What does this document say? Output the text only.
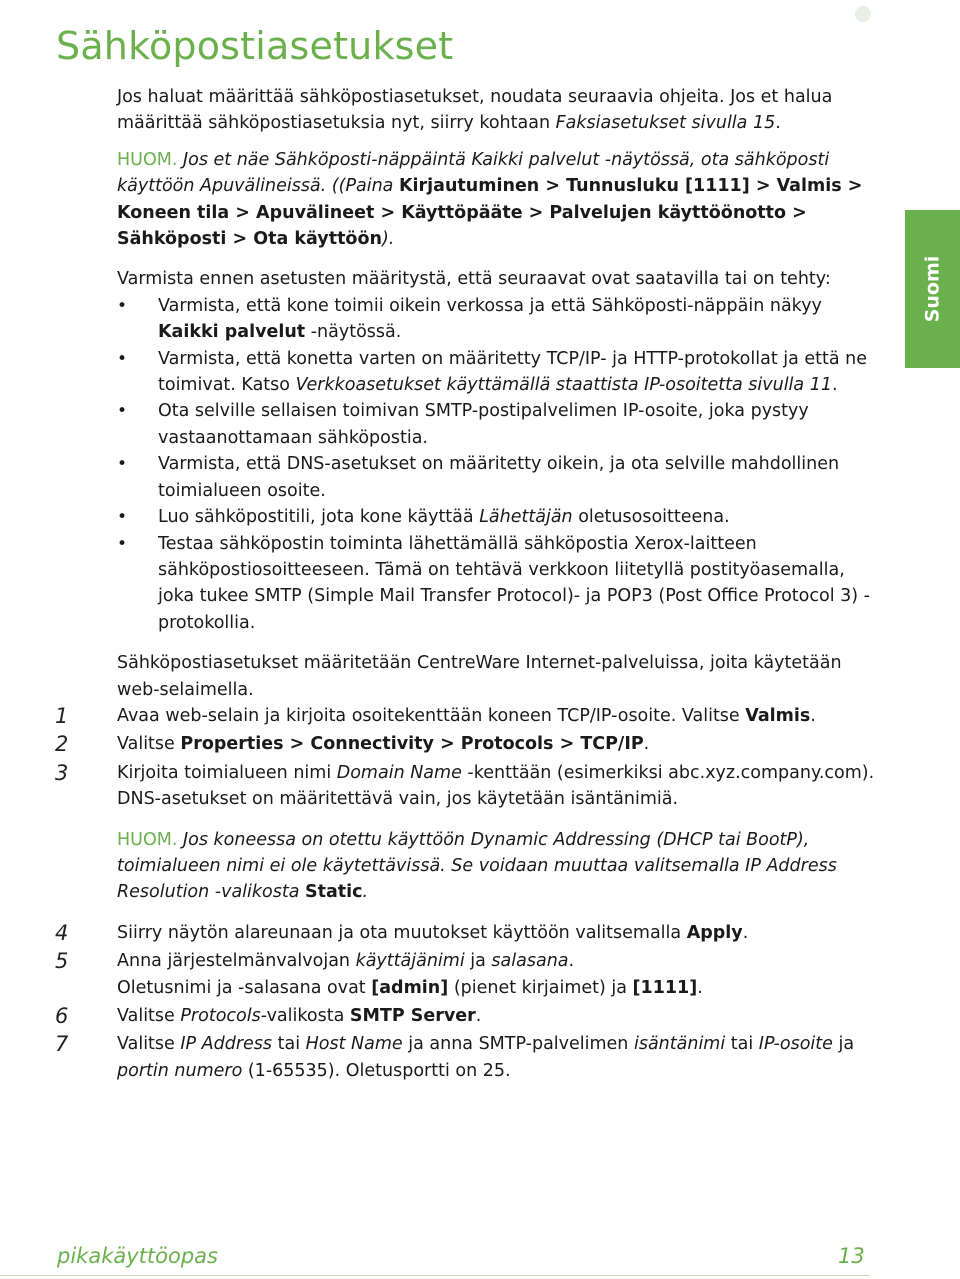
Sähköpostiasetukset
Suomi

Jos haluat määrittää sähköpostiasetukset, noudata seuraavia ohjeita. Jos et halua määrittää sähköpostiasetuksia nyt, siirry kohtaan Faksiasetukset sivulla 15.

HUOM. Jos et näe Sähköposti-näppäintä Kaikki palvelut -näytössä, ota sähköposti käyttöön Apuvälineissä. ((Paina Kirjautuminen > Tunnusluku [1111] > Valmis > Koneen tila > Apuvälineet > Käyttöpääte > Palvelujen käyttöönotto > Sähköposti > Ota käyttöön).

Varmista ennen asetusten määritystä, että seuraavat ovat saatavilla tai on tehty:

• Varmista, että kone toimii oikein verkossa ja että Sähköposti-näppäin näkyy Kaikki palvelut -näytössä.
• Varmista, että konetta varten on määritetty TCP/IP- ja HTTP-protokollat ja että ne toimivat. Katso Verkkoasetukset käyttämällä staattista IP-osoitetta sivulla 11.
• Ota selville sellaisen toimivan SMTP-postipalvelimen IP-osoite, joka pystyy vastaanottamaan sähköpostia.
• Varmista, että DNS-asetukset on määritetty oikein, ja ota selville mahdollinen toimialueen osoite.
• Luo sähköpostitili, jota kone käyttää Lähettäjän oletusosoitteena.
• Testaa sähköpostin toiminta lähettämällä sähköpostia Xerox-laitteen sähköpostiosoitteeseen. Tämä on tehtävä verkkoon liitetyllä postityöasemalla, joka tukee SMTP (Simple Mail Transfer Protocol)- ja POP3 (Post Office Protocol 3) -protokollia.

Sähköpostiasetukset määritetään CentreWare Internet-palveluissa, joita käytetään web-selaimella.

1	Avaa web-selain ja kirjoita osoitekenttään koneen TCP/IP-osoite. Valitse Valmis.

2	Valitse Properties > Connectivity > Protocols > TCP/IP.

3	Kirjoita toimialueen nimi Domain Name -kenttään (esimerkiksi abc.xyz.company.com). DNS-asetukset on määritettävä vain, jos käytetään isäntänimiä.

HUOM. Jos koneessa on otettu käyttöön Dynamic Addressing (DHCP tai BootP), toimialueen nimi ei ole käytettävissä. Se voidaan muuttaa valitsemalla IP Address Resolution -valikosta Static.

4	Siirry näytön alareunaan ja ota muutokset käyttöön valitsemalla Apply.

5	Anna järjestelmänvalvojan käyttäjänimi ja salasana.
Oletusnimi ja -salasana ovat [admin] (pienet kirjaimet) ja [1111].

6	Valitse Protocols-valikosta SMTP Server.

7	Valitse IP Address tai Host Name ja anna SMTP-palvelimen isäntänimi tai IP-osoite ja portin numero (1-65535). Oletusportti on 25.

pikakäyttöopas	13
